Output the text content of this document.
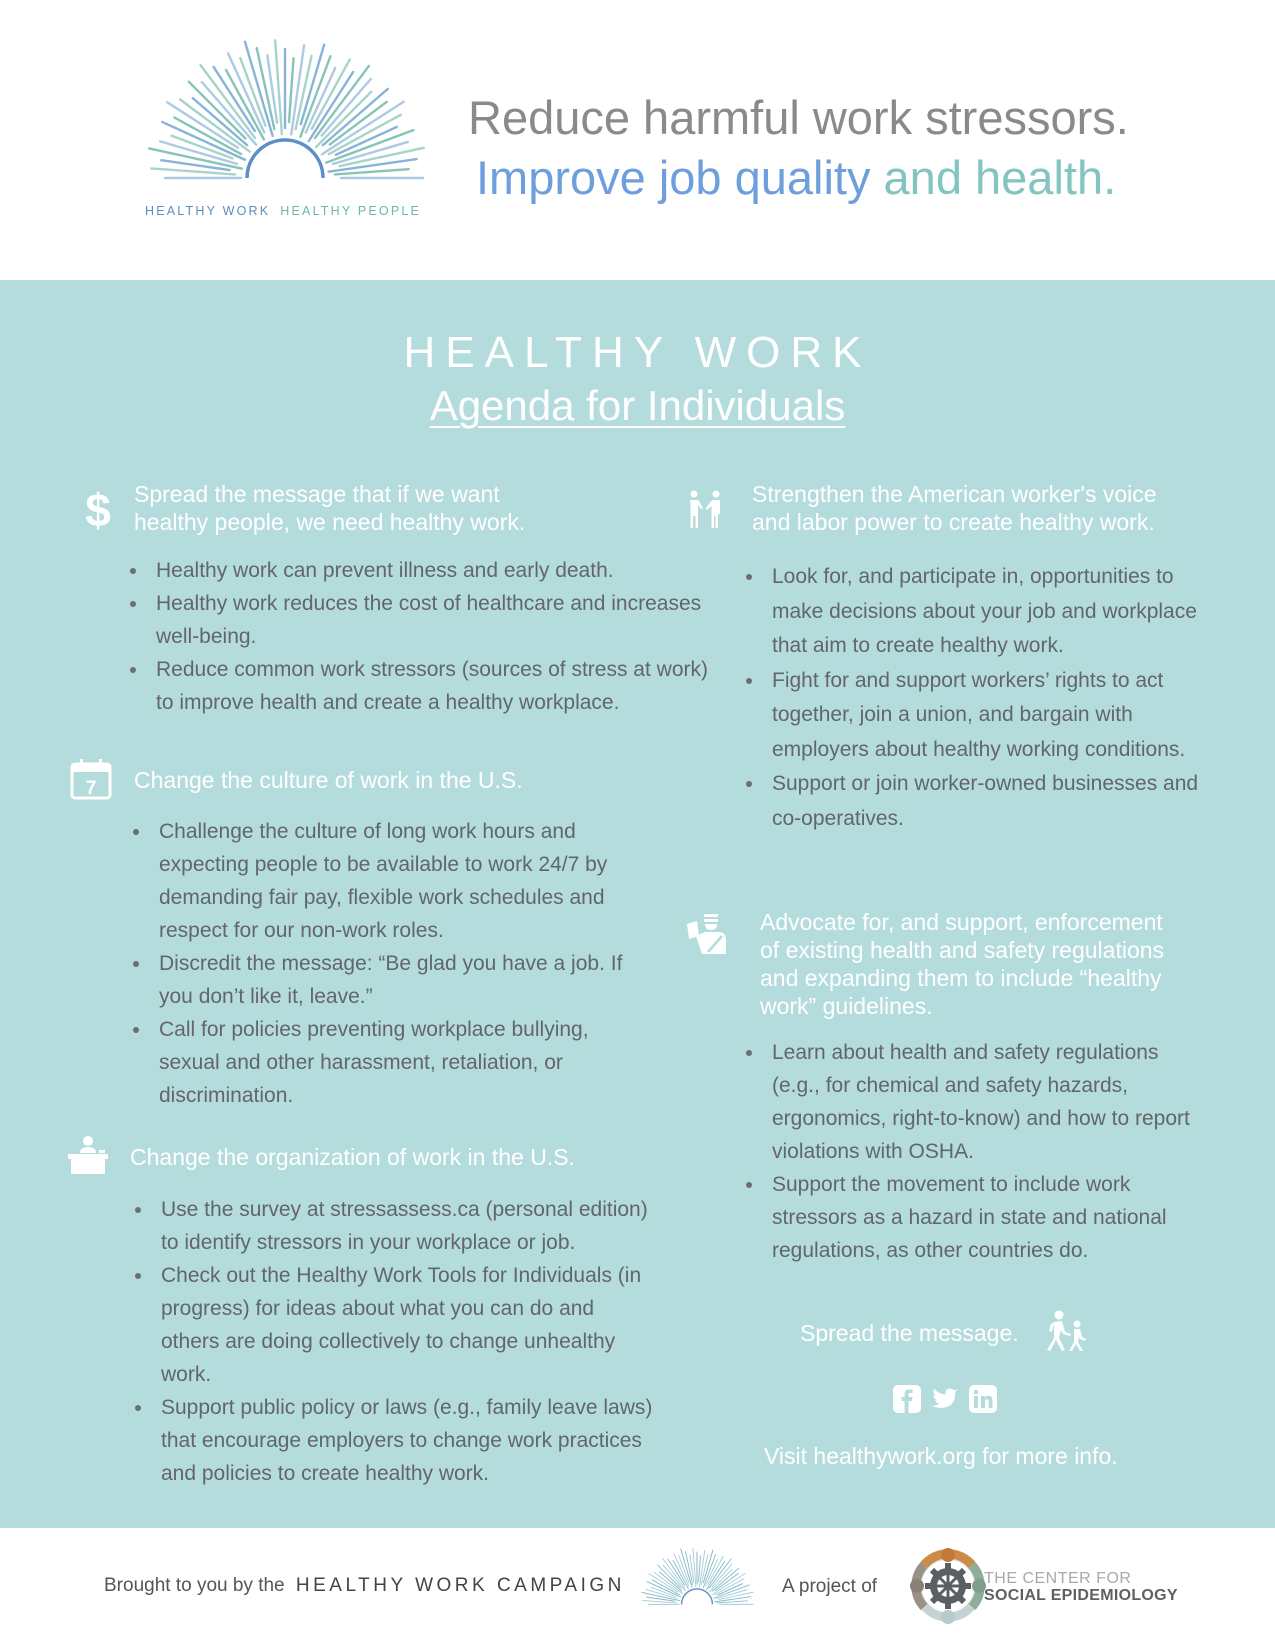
HEALTHY WORK HEALTHY PEOPLE
Reduce harmful work stressors.
Improve job quality and health.
HEALTHY WORK
Agenda for Individuals
$ Spread the message that if we want
healthy people, we need healthy work.
Healthy work can prevent illness and early death.
Healthy work reduces the cost of healthcare and increases well-being.
Reduce common work stressors (sources of stress at work) to improve health and create a healthy workplace.
7 Change the culture of work in the U.S.
Challenge the culture of long work hours and expecting people to be available to work 24/7 by demanding fair pay, flexible work schedules and respect for our non-work roles.
Discredit the message: “Be glad you have a job. If you don’t like it, leave.”
Call for policies preventing workplace bullying, sexual and other harassment, retaliation, or discrimination.
Change the organization of work in the U.S.
Use the survey at stressassess.ca (personal edition) to identify stressors in your workplace or job.
Check out the Healthy Work Tools for Individuals (in progress) for ideas about what you can do and others are doing collectively to change unhealthy work.
Support public policy or laws (e.g., family leave laws) that encourage employers to change work practices and policies to create healthy work.
Strengthen the American worker's voice
and labor power to create healthy work.
Look for, and participate in, opportunities to make decisions about your job and workplace that aim to create healthy work.
Fight for and support workers’ rights to act together, join a union, and bargain with employers about healthy working conditions.
Support or join worker-owned businesses and co-operatives.
Advocate for, and support, enforcement
of existing health and safety regulations
and expanding them to include “healthy
work” guidelines.
Learn about health and safety regulations (e.g., for chemical and safety hazards, ergonomics, right-to-know) and how to report violations with OSHA.
Support the movement to include work stressors as a hazard in state and national regulations, as other countries do.
Spread the message.
Visit healthywork.org for more info.
Brought to you by the HEALTHY WORK CAMPAIGN	A project of	THE CENTER FOR
SOCIAL EPIDEMIOLOGY
